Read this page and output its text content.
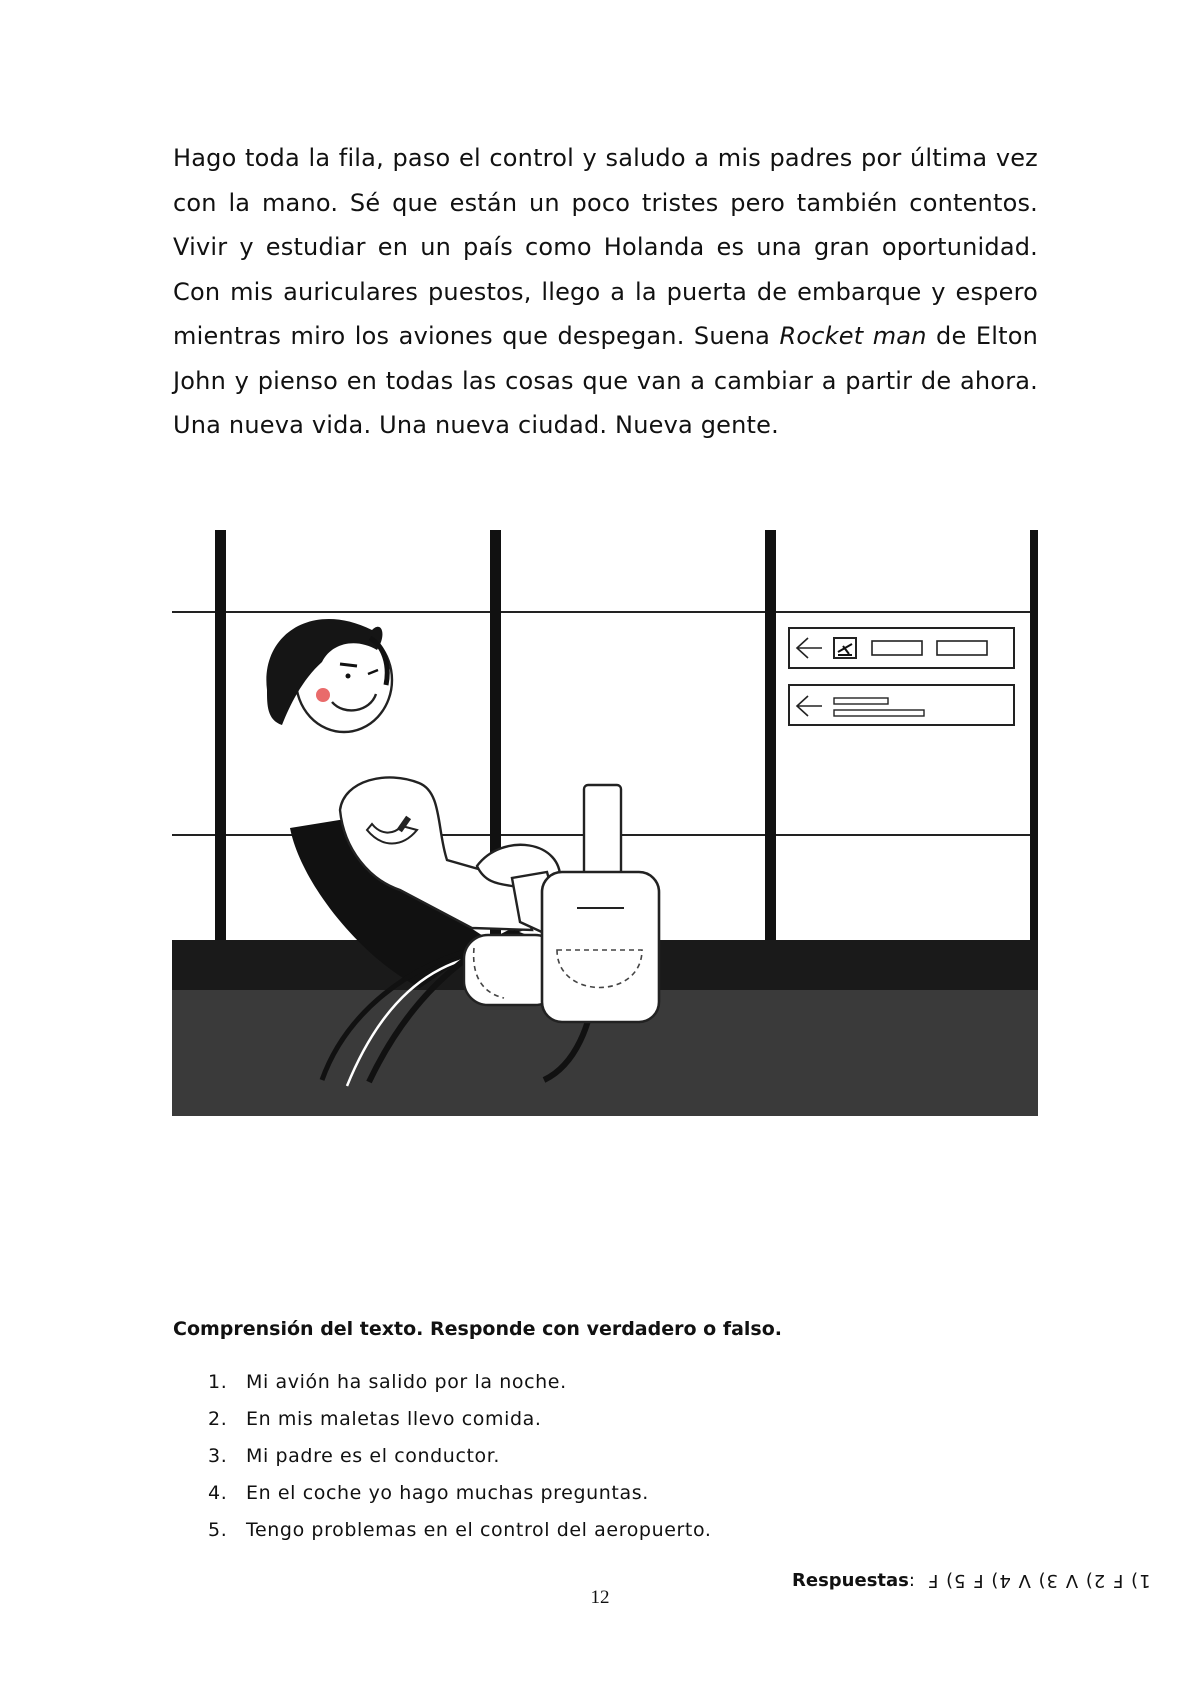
Hago toda la fila, paso el control y saludo a mis padres por última vez con la mano. Sé que están un poco tristes pero también contentos. Vivir y estudiar en un país como Holanda es una gran oportunidad. Con mis auriculares puestos, llego a la puerta de embarque y espero mientras miro los aviones que despegan. Suena Rocket man de Elton John y pienso en todas las cosas que van a cambiar a partir de ahora. Una nueva vida. Una nueva ciudad. Nueva gente.

Comprensión del texto. Responde con verdadero o falso.
1. Mi avión ha salido por la noche.
2. En mis maletas llevo comida.
3. Mi padre es el conductor.
4. En el coche yo hago muchas preguntas.
5. Tengo problemas en el control del aeropuerto.
Respuestas: 1) F 2) V 3) V 4) F 5) F
12
